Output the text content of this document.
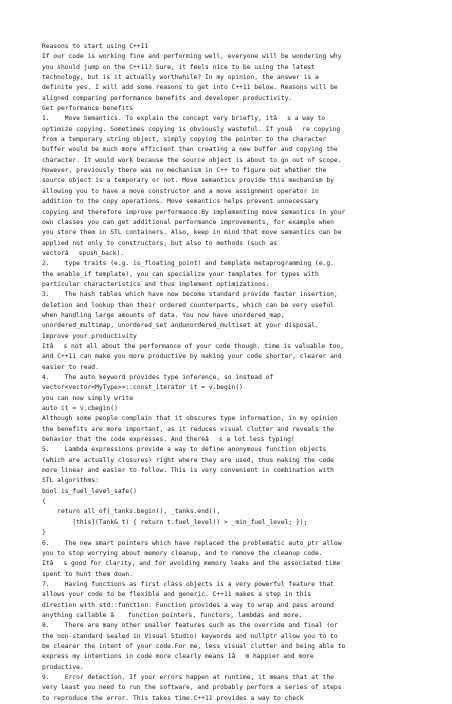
Reasons to start using C++11
If our code is working fine and performing well, everyone will be wondering why
you should jump on the C++11? Sure, it feels nice to be using the latest
technology, but is it actually worthwhile? In my opinion, the answer is a
definite yes. I will add some reasons to get into C++11 below. Reasons will be
aligned comparing performance benefits and developer productivity.
Get performance benefits
1.    Move Semantics. To explain the concept very briefly, itâs a way to
optimize copying. Sometimes copying is obviously wasteful. If youâre copying
from a temporary string object, simply copying the pointer to the character
buffer would be much more efficient than creating a new buffer and copying the
character. It would work because the source object is about to go out of scope.
However, previously there was no mechanism in C++ to figure out whether the
source object is a temporary or not. Move semantics provide this mechanism by
allowing you to have a move constructor and a move assignment operator in
addition to the copy operations. Move semantics helps prevent unnecessary
copying and therefore improve performance.By implementing move semantics in your
own classes you can get additional performance improvements, for example when
you store them in STL containers. Also, keep in mind that move semantics can be
applied not only to constructors, but also to methods (such as
vectorâspush_back).
2.    type traits (e.g. is_floating_point) and template metaprogramming (e.g.
the enable_if template), you can specialize your templates for types with
particular characteristics and thus implement optimizations.
3.    The hash tables which have now become standard provide faster insertion,
deletion and lookup than their ordered counterparts, which can be very useful
when handling large amounts of data. You now have unordered_map,
unordered_multimap, unordered_set andunordered_multiset at your disposal.
Improve your productivity
Itâs not all about the performance of your code though. time is valuable too,
and C++11 can make you more productive by making your code shorter, clearer and
easier to read.
4.    The auto keyword provides type inference, so instead of
vector<vector<MyType>>::const_iterator it = v.begin()
you can now simply write
auto it = v.cbegin()
Although some people complain that it obscures type information, in my opinion
the benefits are more important, as it reduces visual clutter and reveals the
behavior that the code expresses. And thereâs a lot less typing!
5.    Lambda expressions provide a way to define anonymous function objects
(which are actually closures) right where they are used, thus making the code
more linear and easier to follow. This is very convenient in combination with
STL algorithms:
bool is_fuel_level_safe()
{
return all_of(_tanks.begin(), _tanks.end(),
[this](Tank& t) { return t.fuel_level() > _min_fuel_level; });
}
6.    The new smart pointers which have replaced the problematic auto_ptr allow
you to stop worrying about memory cleanup, and to remove the cleanup code.
Itâs good for clarity, and for avoiding memory leaks and the associated time
spent to hunt them down.
7.    Having functions as first class objects is a very powerful feature that
allows your code to be flexible and generic. C++11 makes a step in this
direction with std::function. Function provides a way to wrap and pass around
anything callable â function pointers, functors, lambdas and more.
8.    There are many other smaller features such as the override and final (or
the non-standard sealed in Visual Studio) keywords and nullptr allow you to to
be clearer the intent of your code.For me, less visual clutter and being able to
express my intentions in code more clearly means Iâm happier and more
productive.
9.    Error detection. If your errors happen at runtime, it means that at the
very least you need to run the software, and probably perform a series of steps
to reproduce the error. This takes time.C++11 provides a way to check
